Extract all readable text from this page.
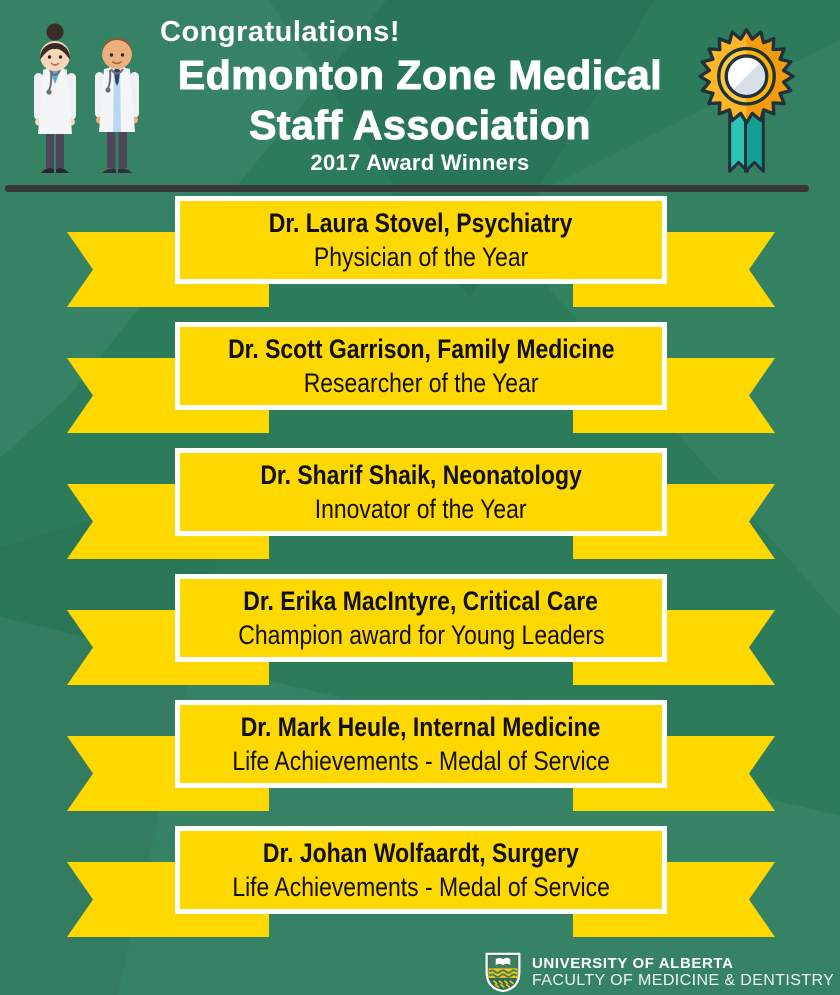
Congratulations!
Edmonton Zone Medical
Staff Association
2017 Award Winners
Dr. Laura Stovel, Psychiatry
Physician of the Year
Dr. Scott Garrison, Family Medicine
Researcher of the Year
Dr. Sharif Shaik, Neonatology
Innovator of the Year
Dr. Erika MacIntyre, Critical Care
Champion award for Young Leaders
Dr. Mark Heule, Internal Medicine
Life Achievements - Medal of Service
Dr. Johan Wolfaardt, Surgery
Life Achievements - Medal of Service
UNIVERSITY OF ALBERTA
FACULTY OF MEDICINE & DENTISTRY
